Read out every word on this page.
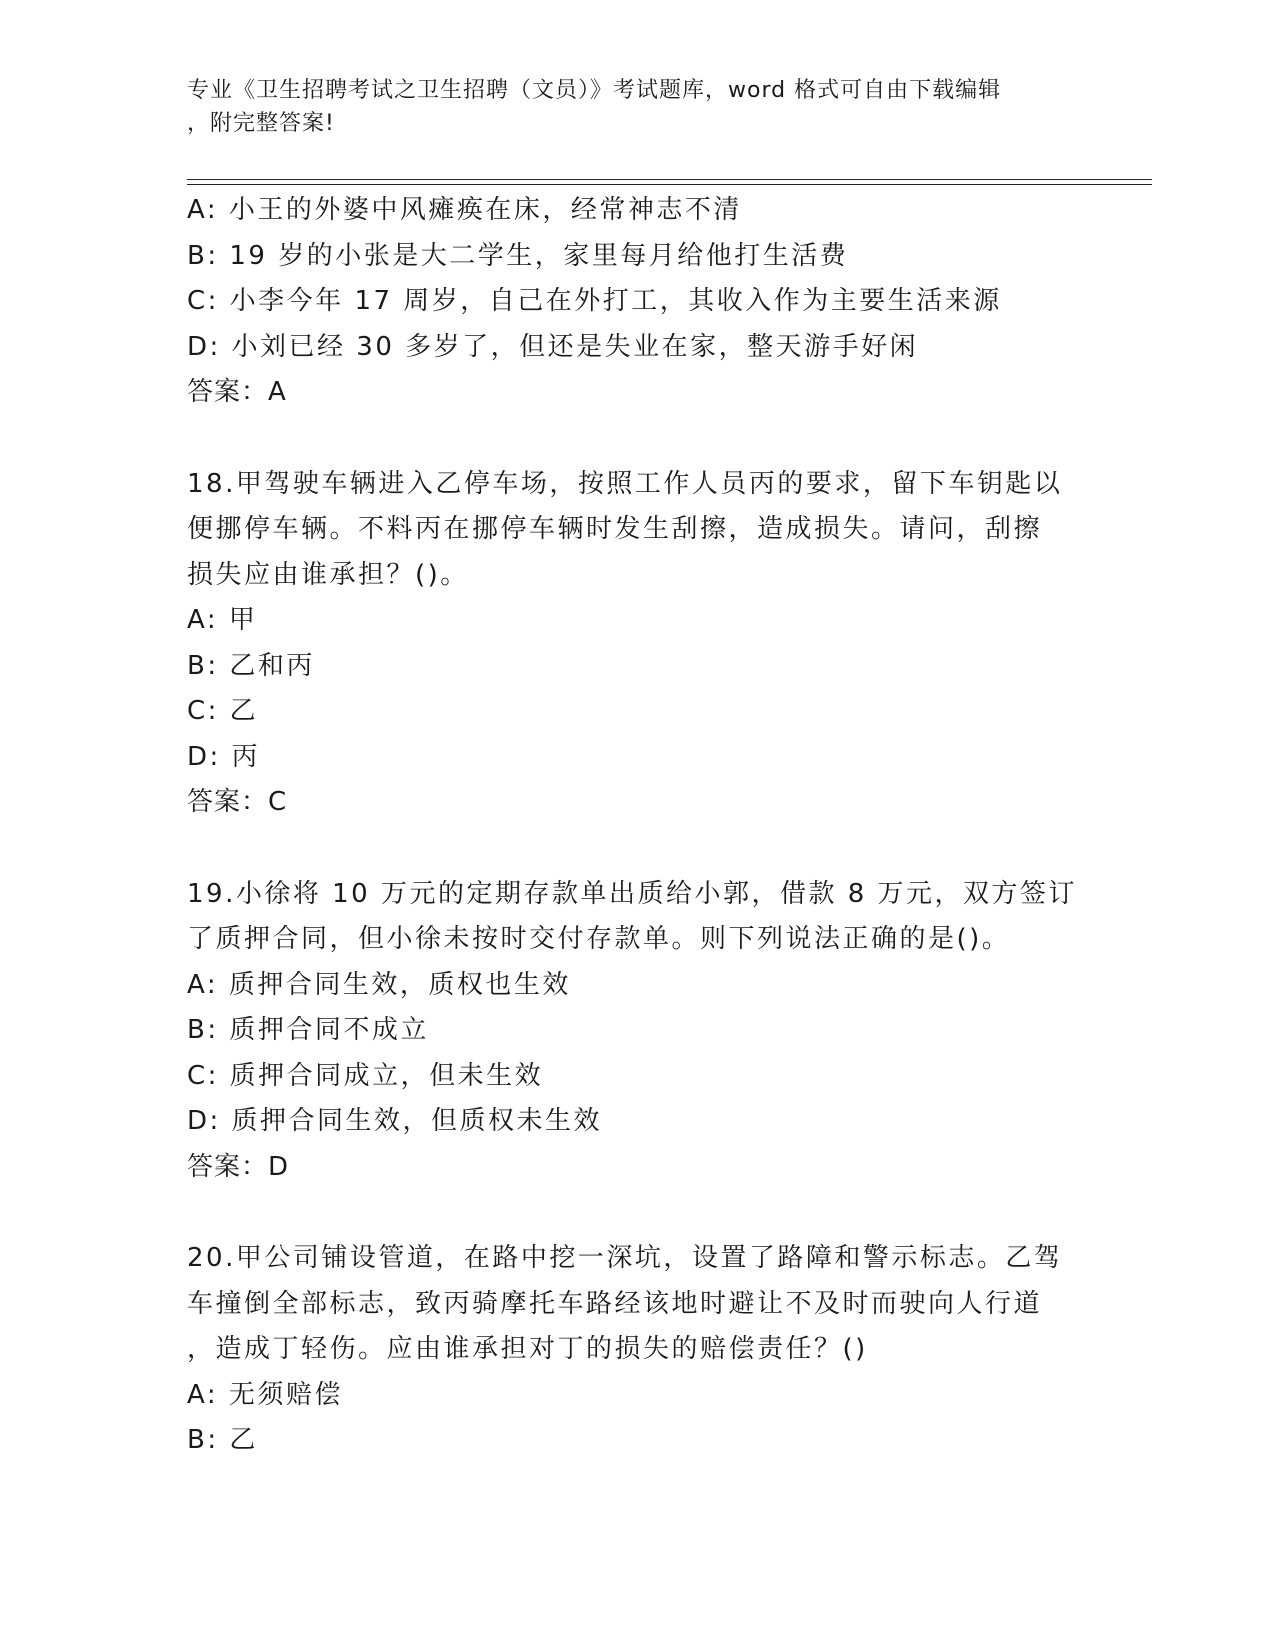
专业《卫生招聘考试之卫生招聘（文员）》考试题库，word 格式可自由下载编辑
，附完整答案!
A: 小王的外婆中风瘫痪在床，经常神志不清
B: 19 岁的小张是大二学生，家里每月给他打生活费
C: 小李今年 17 周岁，自己在外打工，其收入作为主要生活来源
D: 小刘已经 30 多岁了，但还是失业在家，整天游手好闲
答案：A
18.甲驾驶车辆进入乙停车场，按照工作人员丙的要求，留下车钥匙以
便挪停车辆。不料丙在挪停车辆时发生刮擦，造成损失。请问，刮擦
损失应由谁承担？()。
A: 甲
B: 乙和丙
C: 乙
D: 丙
答案：C
19.小徐将 10 万元的定期存款单出质给小郭，借款 8 万元，双方签订
了质押合同，但小徐未按时交付存款单。则下列说法正确的是()。
A: 质押合同生效，质权也生效
B: 质押合同不成立
C: 质押合同成立，但未生效
D: 质押合同生效，但质权未生效
答案：D
20.甲公司铺设管道，在路中挖一深坑，设置了路障和警示标志。乙驾
车撞倒全部标志，致丙骑摩托车路经该地时避让不及时而驶向人行道
，造成丁轻伤。应由谁承担对丁的损失的赔偿责任？()
A: 无须赔偿
B: 乙
